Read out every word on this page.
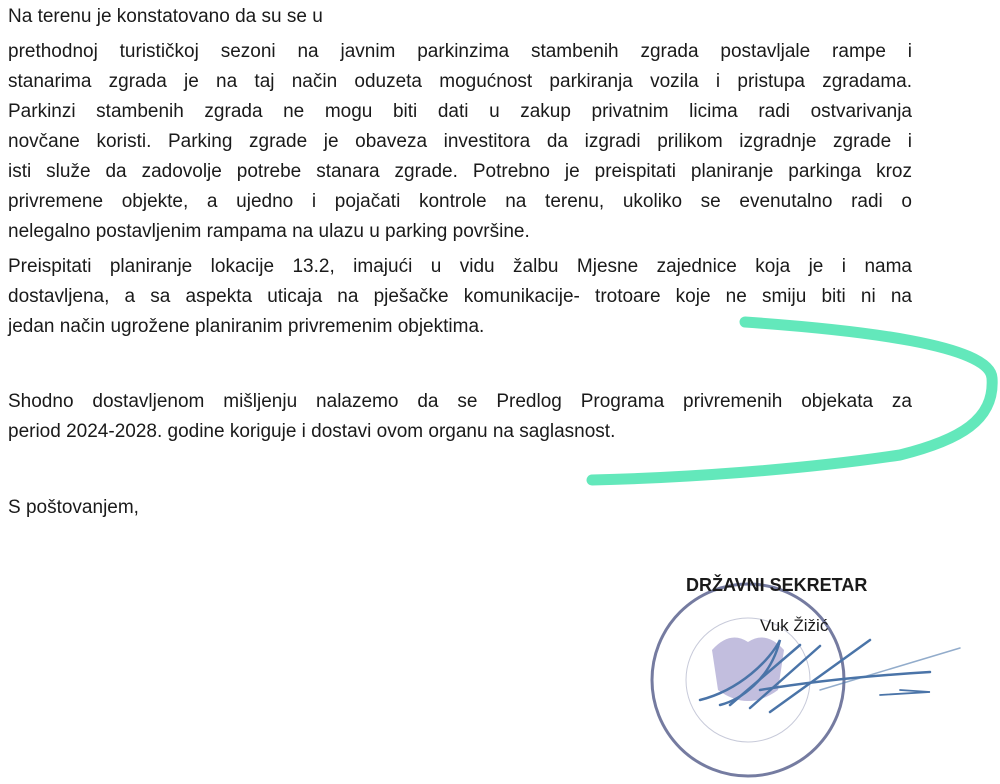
Na terenu je konstatovano da su se u
prethodnoj turističkoj sezoni na javnim parkinzima stambenih zgrada postavljale rampe i
stanarima zgrada je na taj način oduzeta mogućnost parkiranja vozila i pristupa zgradama.
Parkinzi stambenih zgrada ne mogu biti dati u zakup privatnim licima radi ostvarivanja
novčane koristi. Parking zgrade je obaveza investitora da izgradi prilikom izgradnje zgrade i
isti služe da zadovolje potrebe stanara zgrade. Potrebno je preispitati planiranje parkinga kroz
privremene objekte, a ujedno i pojačati kontrole na terenu, ukoliko se evenutalno radi o
nelegalno postavljenim rampama na ulazu u parking površine.
Preispitati planiranje lokacije 13.2, imajući u vidu žalbu Mjesne zajednice koja je i nama
dostavljena, a sa aspekta uticaja na pješačke komunikacije- trotoare koje ne smiju biti ni na
jedan način ugrožene planiranim privremenim objektima.
Shodno dostavljenom mišljenju nalazemo da se Predlog Programa privremenih objekata za
period 2024-2028. godine koriguje i dostavi ovom organu na saglasnost.
S poštovanjem,
DRŽAVNI SEKRETAR
Vuk Žižić
